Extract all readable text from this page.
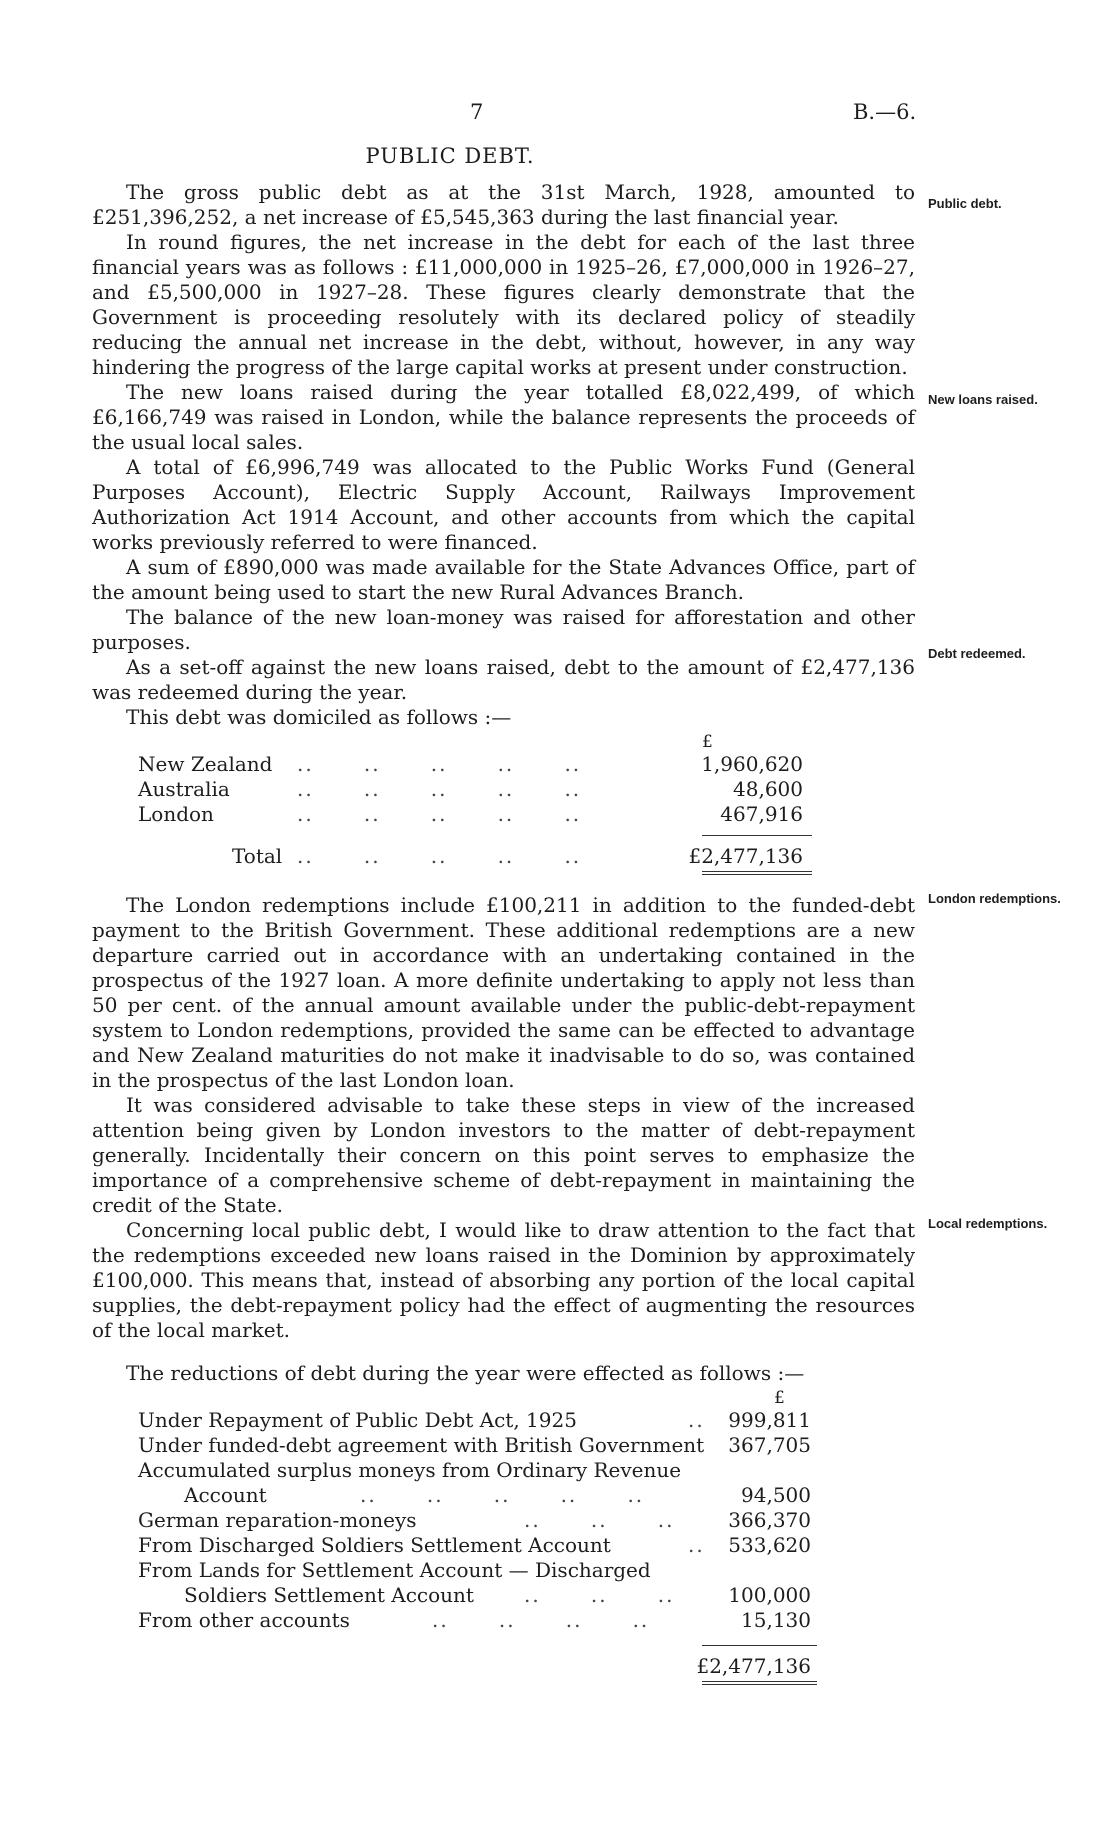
7	B.—6.
PUBLIC DEBT.
Public debt.
New loans raised.
Debt redeemed.
London redemptions.
Local redemptions.

The gross public debt as at the 31st March, 1928, amounted to £251,396,252, a net increase of £5,545,363 during the last financial year.

In round figures, the net increase in the debt for each of the last three financial years was as follows : £11,000,000 in 1925–26, £7,000,000 in 1926–27, and £5,500,000 in 1927–28. These figures clearly demonstrate that the Government is proceeding resolutely with its declared policy of steadily reducing the annual net increase in the debt, without, however, in any way hindering the progress of the large capital works at present under construction.

The new loans raised during the year totalled £8,022,499, of which £6,166,749 was raised in London, while the balance represents the proceeds of the usual local sales.

A total of £6,996,749 was allocated to the Public Works Fund (General Purposes Account), Electric Supply Account, Railways Improvement Authorization Act 1914 Account, and other accounts from which the capital works previously referred to were financed.

A sum of £890,000 was made available for the State Advances Office, part of the amount being used to start the new Rural Advances Branch.

The balance of the new loan-money was raised for afforestation and other purposes.

As a set-off against the new loans raised, debt to the amount of £2,477,136 was redeemed during the year.

This debt was domiciled as follows :—

£
New Zealand ..      ..      ..      ..      ..	1,960,620
Australia	..      ..      ..      ..      ..	48,600
London	..      ..      ..      ..      ..	467,916
Total ..      ..      ..      ..      ..	£2,477,136

The London redemptions include £100,211 in addition to the funded-debt payment to the British Government. These additional redemptions are a new departure carried out in accordance with an undertaking contained in the prospectus of the 1927 loan. A more definite undertaking to apply not less than 50 per cent. of the annual amount available under the public-debt-repayment system to London redemptions, provided the same can be effected to advantage and New Zealand maturities do not make it inadvisable to do so, was contained in the prospectus of the last London loan.

It was considered advisable to take these steps in view of the increased attention being given by London investors to the matter of debt-repayment generally. Incidentally their concern on this point serves to emphasize the importance of a comprehensive scheme of debt-repayment in maintaining the credit of the State.

Concerning local public debt, I would like to draw attention to the fact that the redemptions exceeded new loans raised in the Dominion by approximately £100,000. This means that, instead of absorbing any portion of the local capital supplies, the debt-repayment policy had the effect of augmenting the resources of the local market.

The reductions of debt during the year were effected as follows :—

£
Under Repayment of Public Debt Act, 1925	.. 999,811
Under funded-debt agreement with British Government 367,705
Accumulated surplus moneys from Ordinary Revenue
Account	..      ..      ..      ..      ..	94,500
German reparation-moneys	..      ..      ..	366,370
From Discharged Soldiers Settlement Account	.. 533,620
From Lands for Settlement Account — Discharged
Soldiers Settlement Account	..      ..      ..	100,000
From other accounts	..      ..      ..      ..	15,130
£2,477,136
